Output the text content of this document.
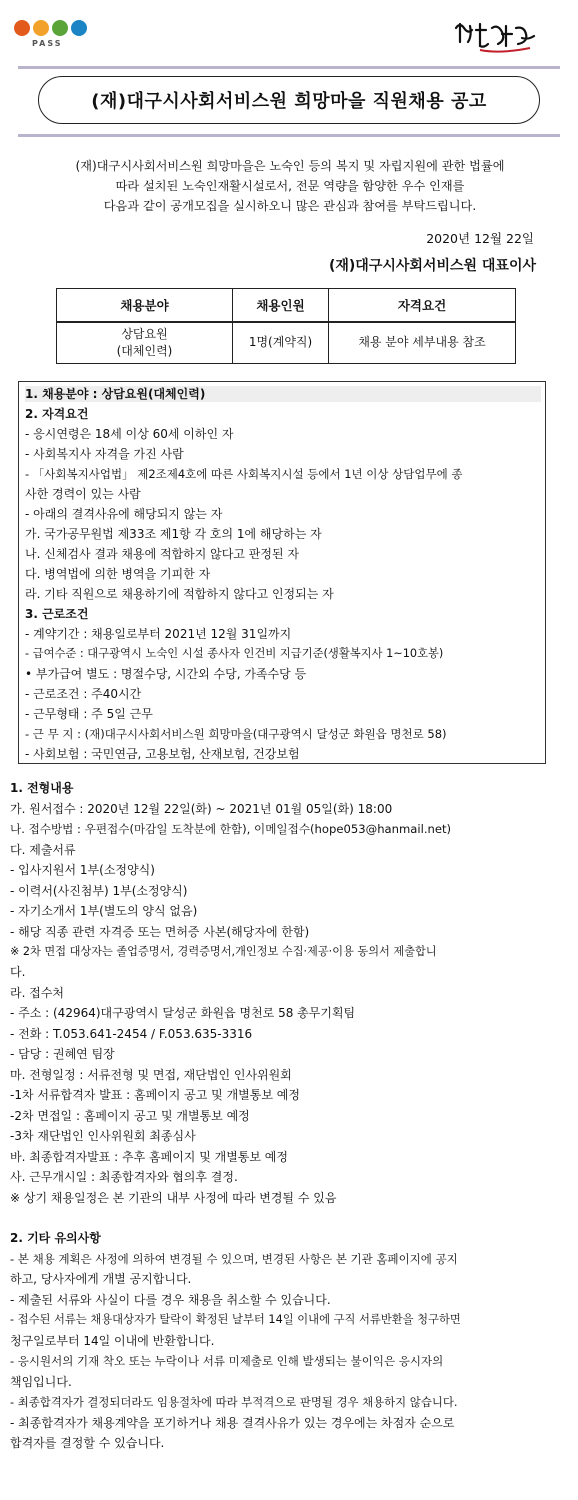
PASS
(재)대구시사회서비스원 희망마을 직원채용 공고
(재)대구시사회서비스원 희망마을은 노숙인 등의 복지 및 자립지원에 관한 법률에
따라 설치된 노숙인재활시설로서, 전문 역량을 함양한 우수 인재를
다음과 같이 공개모집을 실시하오니 많은 관심과 참여를 부탁드립니다.
2020년 12월 22일
(재)대구시사회서비스원 대표이사
채용분야	채용인원	자격요건

상담요원
(대체인력)	1명(계약직)	채용 분야 세부내용 참조
1. 채용분야 : 상담요원(대체인력)
2. 자격요건
- 응시연령은 18세 이상 60세 이하인 자
- 사회복지사 자격을 가진 사람
- 「사회복지사업법」 제2조제4호에 따른 사회복지시설 등에서 1년 이상 상담업무에 종
사한 경력이 있는 사람
- 아래의 결격사유에 해당되지 않는 자
가. 국가공무원법 제33조 제1항 각 호의 1에 해당하는 자
나. 신체검사 결과 채용에 적합하지 않다고 판정된 자
다. 병역법에 의한 병역을 기피한 자
라. 기타 직원으로 채용하기에 적합하지 않다고 인정되는 자
3. 근로조건
- 계약기간 : 채용일로부터 2021년 12월 31일까지
- 급여수준 : 대구광역시 노숙인 시설 종사자 인건비 지급기준(생활복지사 1~10호봉)
• 부가급여 별도 : 명절수당, 시간외 수당, 가족수당 등
- 근로조건 : 주40시간
- 근무형태 : 주 5일 근무
- 근 무 지 : (재)대구시사회서비스원 희망마을(대구광역시 달성군 화원읍 명천로 58)
- 사회보험 : 국민연금, 고용보험, 산재보험, 건강보험
1. 전형내용
가. 원서접수 : 2020년 12월 22일(화) ~ 2021년 01월 05일(화) 18:00
나. 접수방법 : 우편접수(마감일 도착분에 한함), 이메일접수(hope053@hanmail.net)
다. 제출서류
- 입사지원서 1부(소정양식)
- 이력서(사진첨부) 1부(소정양식)
- 자기소개서 1부(별도의 양식 없음)
- 해당 직종 관련 자격증 또는 면허증 사본(해당자에 한함)
※ 2차 면접 대상자는 졸업증명서, 경력증명서,개인정보 수집·제공·이용 동의서 제출합니
다.
라. 접수처
- 주소 : (42964)대구광역시 달성군 화원읍 명천로 58 총무기획팀
- 전화 : T.053.641-2454 / F.053.635-3316
- 담당 : 권혜연 팀장
마. 전형일정 : 서류전형 및 면접, 재단법인 인사위원회
-1차 서류합격자 발표 : 홈페이지 공고 및 개별통보 예정
-2차 면접일 : 홈페이지 공고 및 개별통보 예정
-3차 재단법인 인사위원회 최종심사
바. 최종합격자발표 : 추후 홈페이지 및 개별통보 예정
사. 근무개시일 : 최종합격자와 협의후 결정.
※ 상기 채용일정은 본 기관의 내부 사정에 따라 변경될 수 있음
2. 기타 유의사항
- 본 채용 계획은 사정에 의하여 변경될 수 있으며, 변경된 사항은 본 기관 홈페이지에 공지
하고, 당사자에게 개별 공지합니다.
- 제출된 서류와 사실이 다를 경우 채용을 취소할 수 있습니다.
- 접수된 서류는 채용대상자가 탈락이 확정된 날부터 14일 이내에 구직 서류반환을 청구하면
청구일로부터 14일 이내에 반환합니다.
- 응시원서의 기재 착오 또는 누락이나 서류 미제출로 인해 발생되는 불이익은 응시자의
책임입니다.
- 최종합격자가 결정되더라도 임용절차에 따라 부적격으로 판명될 경우 채용하지 않습니다.
- 최종합격자가 채용계약을 포기하거나 채용 결격사유가 있는 경우에는 차점자 순으로
합격자를 결정할 수 있습니다.
